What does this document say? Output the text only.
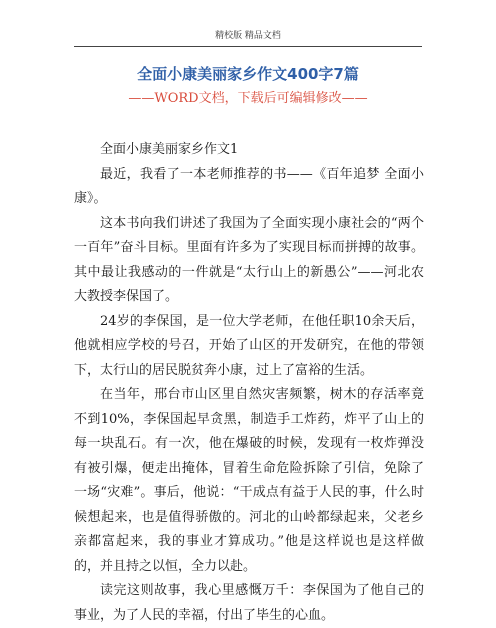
精校版 精品文档
全面小康美丽家乡作文400字7篇
——WORD文档，下载后可编辑修改——

全面小康美丽家乡作文1

最近，我看了一本老师推荐的书——《百年追梦 全面小康》。

这本书向我们讲述了我国为了全面实现小康社会的“两个一百年”奋斗目标。里面有许多为了实现目标而拼搏的故事。其中最让我感动的一件就是“太行山上的新愚公”——河北农大教授李保国了。

24岁的李保国，是一位大学老师，在他任职10余天后，他就相应学校的号召，开始了山区的开发研究，在他的带领下，太行山的居民脱贫奔小康，过上了富裕的生活。

在当年，邢台市山区里自然灾害频繁，树木的存活率竟不到10%，李保国起早贪黑，制造手工炸药，炸平了山上的每一块乱石。有一次，他在爆破的时候，发现有一枚炸弹没有被引爆，便走出掩体，冒着生命危险拆除了引信，免除了一场“灾难”。事后，他说：“干成点有益于人民的事，什么时候想起来，也是值得骄傲的。河北的山岭都绿起来，父老乡亲都富起来，我的事业才算成功。”他是这样说也是这样做的，并且持之以恒，全力以赴。

读完这则故事，我心里感慨万千：李保国为了他自己的事业，为了人民的幸福，付出了毕生的心血。
